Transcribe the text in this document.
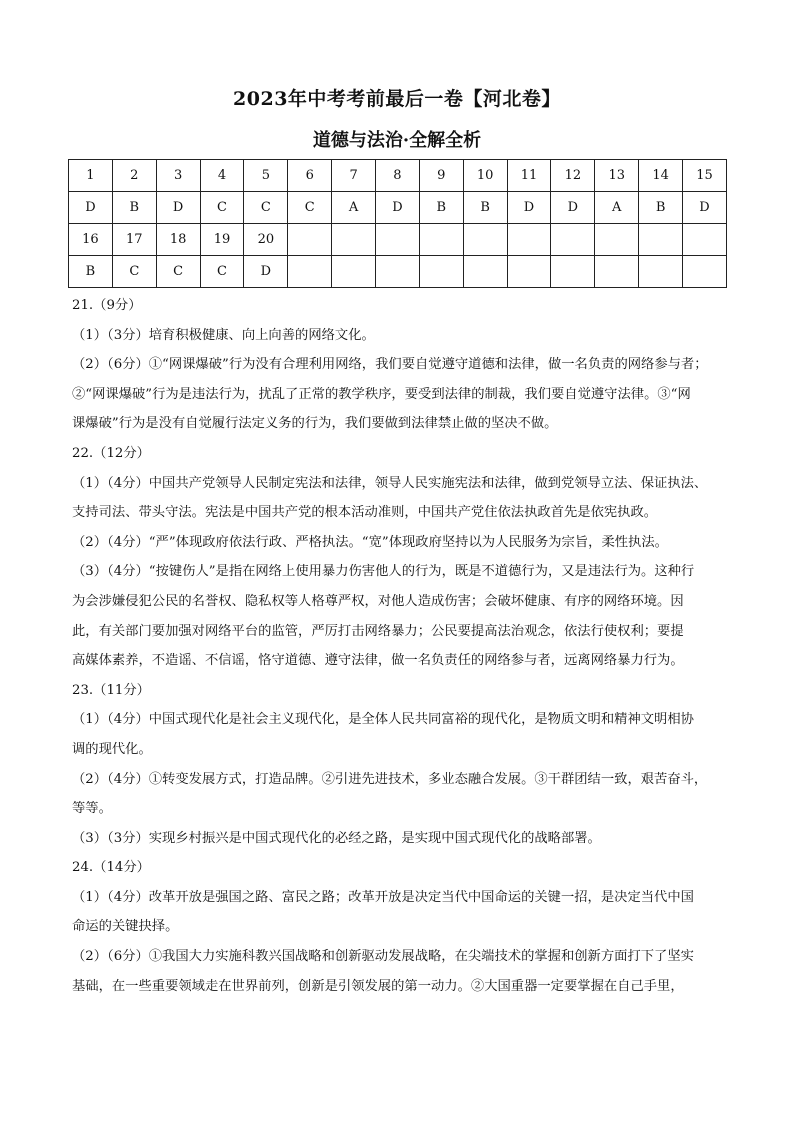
2023年中考考前最后一卷【河北卷】
道德与法治·全解全析
1	2	3	4	5	6	7	8	9	10	11	12	13	14	15
D	B	D	C	C	C	A	D	B	B	D	D	A	B	D
16	17	18	19	20										
B	C	C	C	D										
21.（9分）
（1）（3分）培育积极健康、向上向善的网络文化。
（2）（6分）①“网课爆破”行为没有合理利用网络，我们要自觉遵守道德和法律，做一名负责的网络参与者；
②“网课爆破”行为是违法行为，扰乱了正常的教学秩序，要受到法律的制裁，我们要自觉遵守法律。③“网
课爆破”行为是没有自觉履行法定义务的行为，我们要做到法律禁止做的坚决不做。
22.（12分）
（1）（4分）中国共产党领导人民制定宪法和法律，领导人民实施宪法和法律，做到党领导立法、保证执法、
支持司法、带头守法。宪法是中国共产党的根本活动准则，中国共产党住依法执政首先是依宪执政。
（2）（4分）“严”体现政府依法行政、严格执法。“宽”体现政府坚持以为人民服务为宗旨，柔性执法。
（3）（4分）“按键伤人”是指在网络上使用暴力伤害他人的行为，既是不道德行为，又是违法行为。这种行
为会涉嫌侵犯公民的名誉权、隐私权等人格尊严权，对他人造成伤害；会破坏健康、有序的网络环境。因
此，有关部门要加强对网络平台的监管，严厉打击网络暴力；公民要提高法治观念，依法行使权利；要提
高媒体素养，不造谣、不信谣，恪守道德、遵守法律，做一名负责任的网络参与者，远离网络暴力行为。
23.（11分）
（1）（4分）中国式现代化是社会主义现代化，是全体人民共同富裕的现代化，是物质文明和精神文明相协
调的现代化。
（2）（4分）①转变发展方式，打造品牌。②引进先进技术，多业态融合发展。③干群团结一致，艰苦奋斗，
等等。
（3）（3分）实现乡村振兴是中国式现代化的必经之路，是实现中国式现代化的战略部署。
24.（14分）
（1）（4分）改革开放是强国之路、富民之路；改革开放是决定当代中国命运的关键一招，是决定当代中国
命运的关键抉择。
（2）（6分）①我国大力实施科教兴国战略和创新驱动发展战略，在尖端技术的掌握和创新方面打下了坚实
基础，在一些重要领域走在世界前列，创新是引领发展的第一动力。②大国重器一定要掌握在自己手里，
